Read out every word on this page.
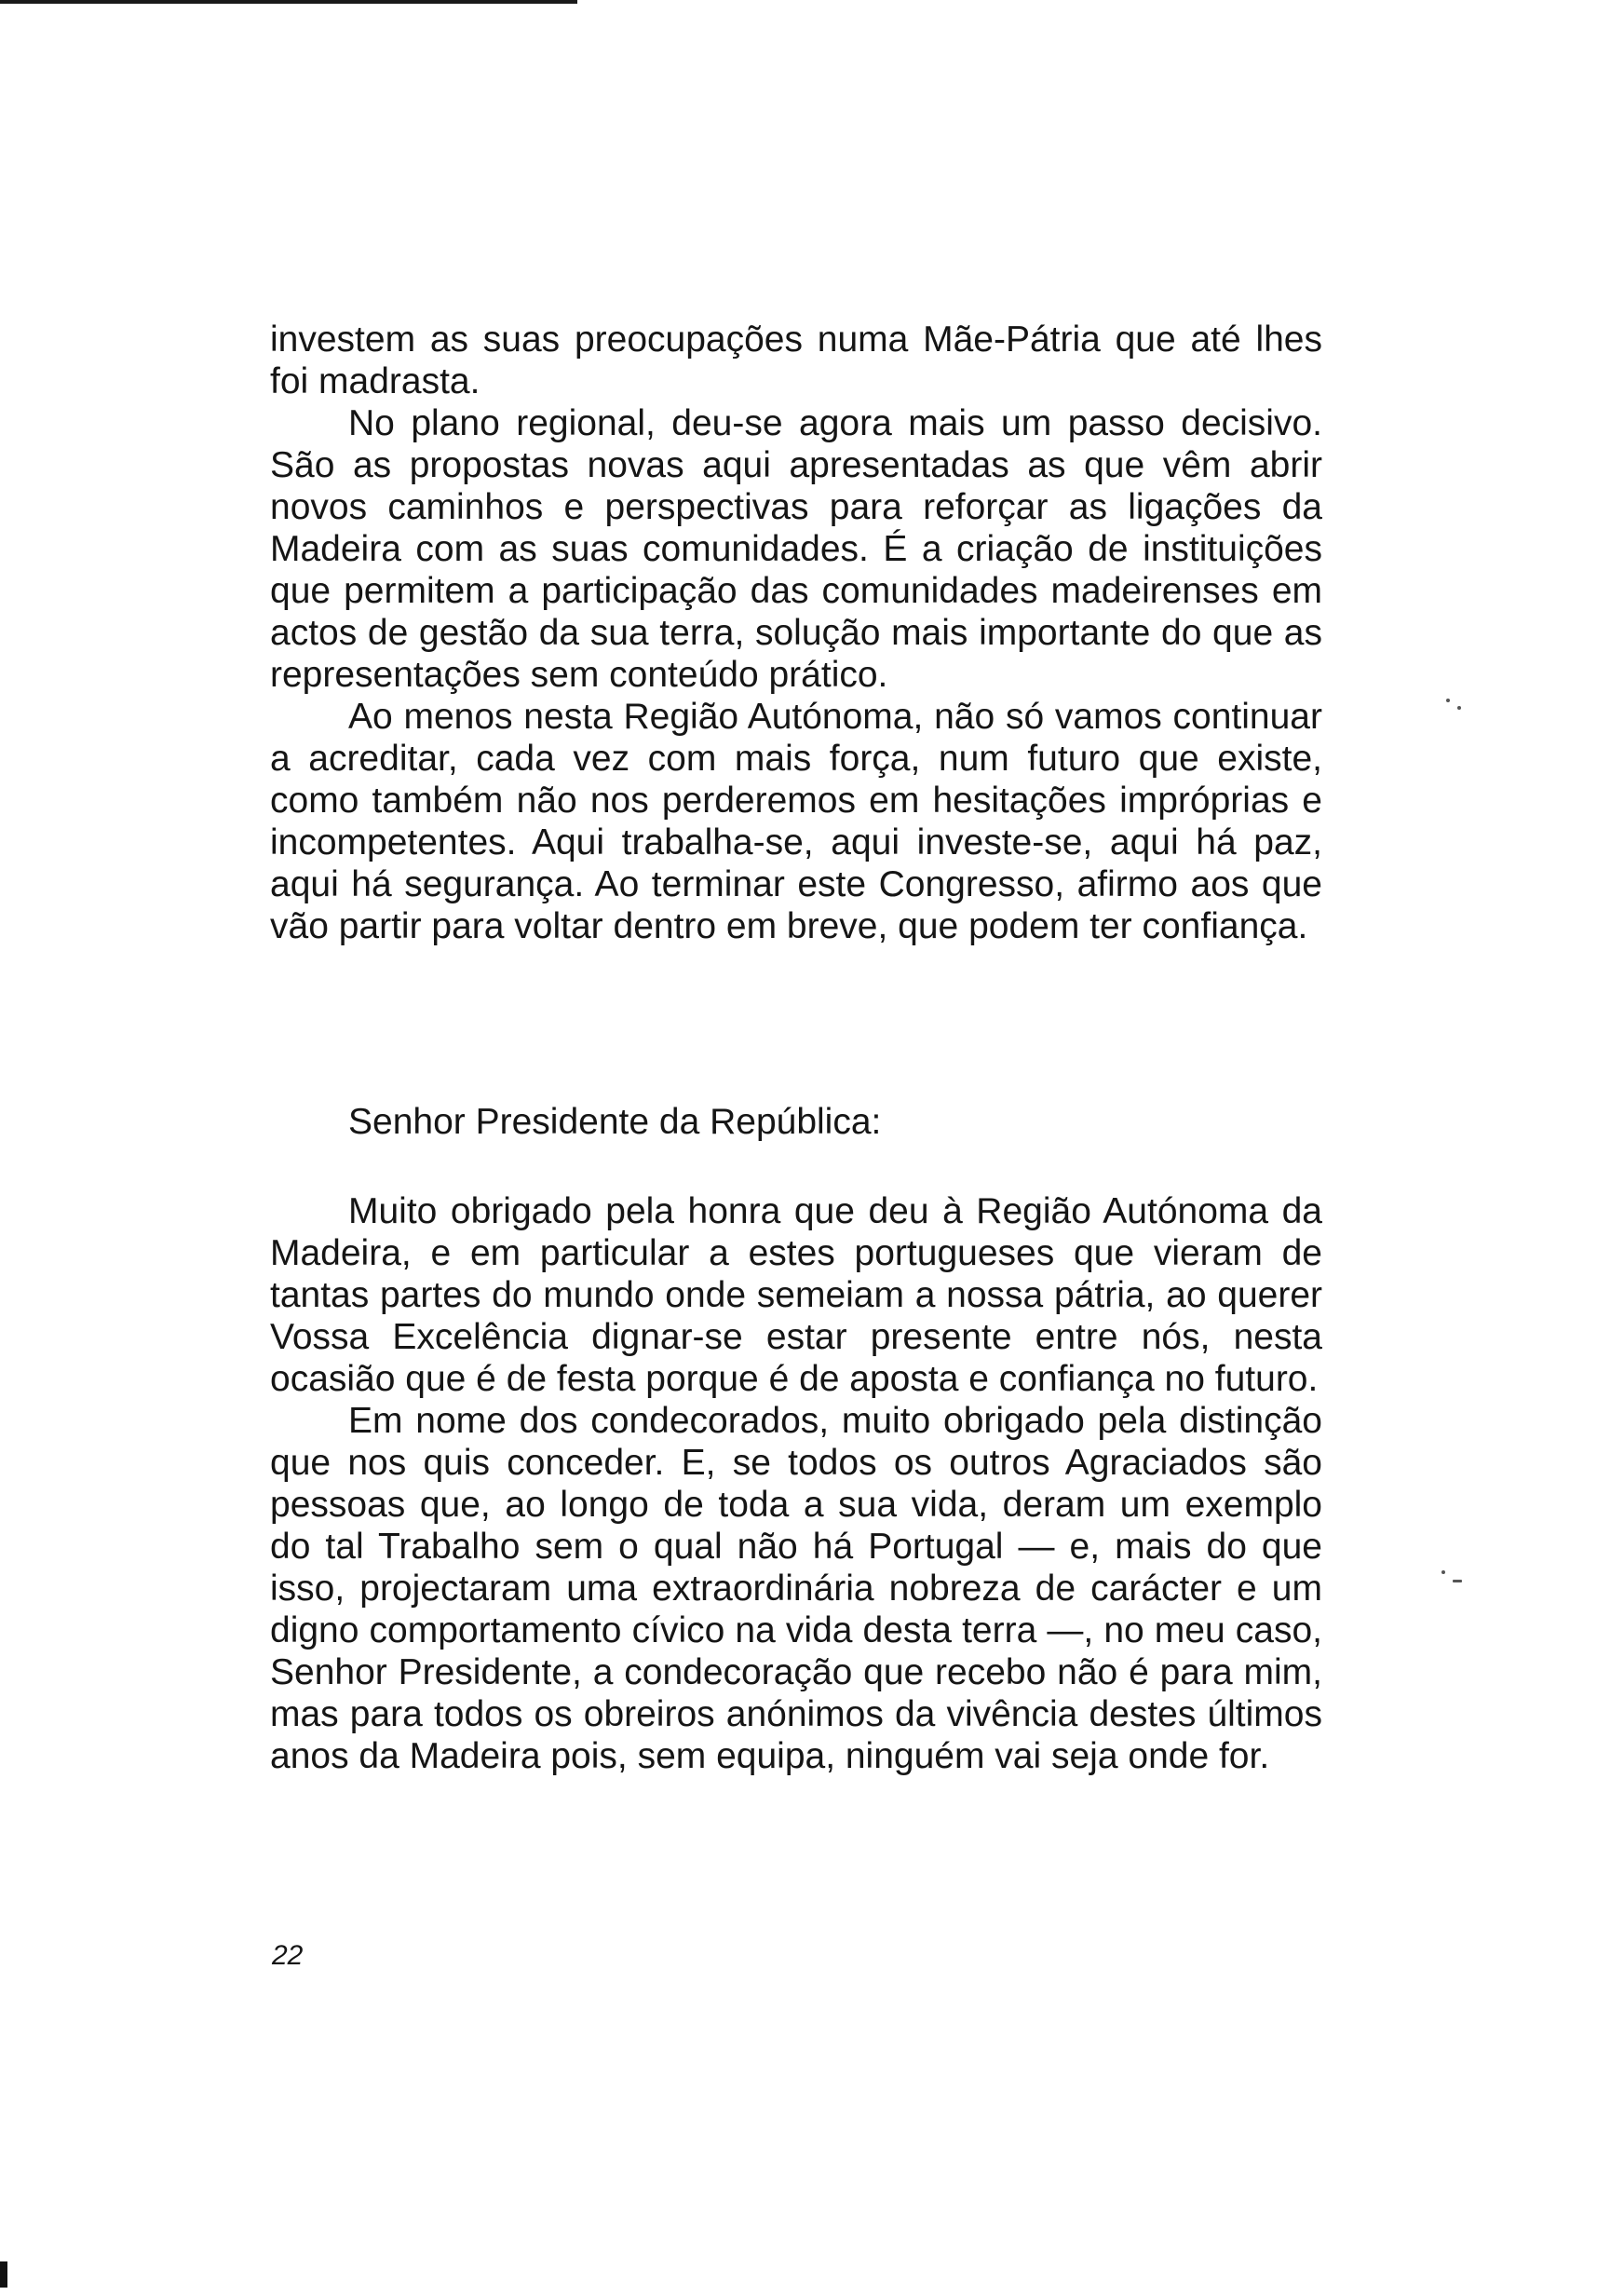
investem as suas preocupações numa Mãe-Pátria que até lhes foi madrasta.

No plano regional, deu-se agora mais um passo decisivo. São as propostas novas aqui apresentadas as que vêm abrir novos caminhos e perspectivas para reforçar as ligações da Madeira com as suas comunidades. É a criação de instituições que permitem a participação das comunidades madeirenses em actos de gestão da sua terra, solução mais importante do que as representações sem conteúdo prático.

Ao menos nesta Região Autónoma, não só vamos continuar a acreditar, cada vez com mais força, num futuro que existe, como também não nos perderemos em hesitações impróprias e incompetentes. Aqui trabalha-se, aqui investe-se, aqui há paz, aqui há segurança. Ao terminar este Congresso, afirmo aos que vão partir para voltar dentro em breve, que podem ter confiança.

Senhor Presidente da República:

Muito obrigado pela honra que deu à Região Autónoma da Madeira, e em particular a estes portugueses que vieram de tantas partes do mundo onde semeiam a nossa pátria, ao querer Vossa Excelência dignar-se estar presente entre nós, nesta ocasião que é de festa porque é de aposta e confiança no futuro.

Em nome dos condecorados, muito obrigado pela distinção que nos quis conceder. E, se todos os outros Agraciados são pessoas que, ao longo de toda a sua vida, deram um exemplo do tal Trabalho sem o qual não há Portugal — e, mais do que isso, projectaram uma extraordinária nobreza de carácter e um digno comportamento cívico na vida desta terra —, no meu caso, Senhor Presidente, a condecoração que recebo não é para mim, mas para todos os obreiros anónimos da vivência destes últimos anos da Madeira pois, sem equipa, ninguém vai seja onde for.

22
